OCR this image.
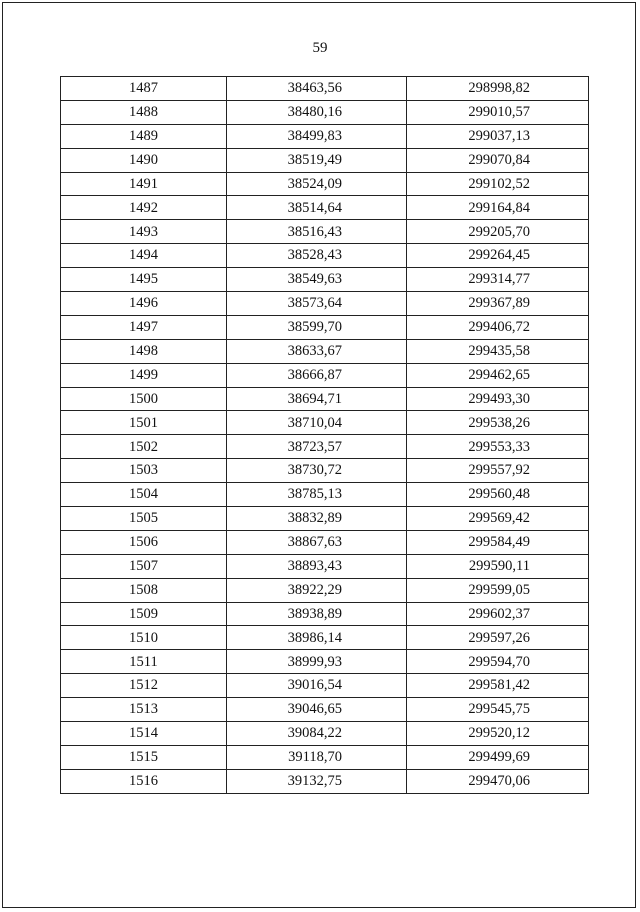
59
1487	38463,56	298998,82
1488	38480,16	299010,57
1489	38499,83	299037,13
1490	38519,49	299070,84
1491	38524,09	299102,52
1492	38514,64	299164,84
1493	38516,43	299205,70
1494	38528,43	299264,45
1495	38549,63	299314,77
1496	38573,64	299367,89
1497	38599,70	299406,72
1498	38633,67	299435,58
1499	38666,87	299462,65
1500	38694,71	299493,30
1501	38710,04	299538,26
1502	38723,57	299553,33
1503	38730,72	299557,92
1504	38785,13	299560,48
1505	38832,89	299569,42
1506	38867,63	299584,49
1507	38893,43	299590,11
1508	38922,29	299599,05
1509	38938,89	299602,37
1510	38986,14	299597,26
1511	38999,93	299594,70
1512	39016,54	299581,42
1513	39046,65	299545,75
1514	39084,22	299520,12
1515	39118,70	299499,69
1516	39132,75	299470,06
